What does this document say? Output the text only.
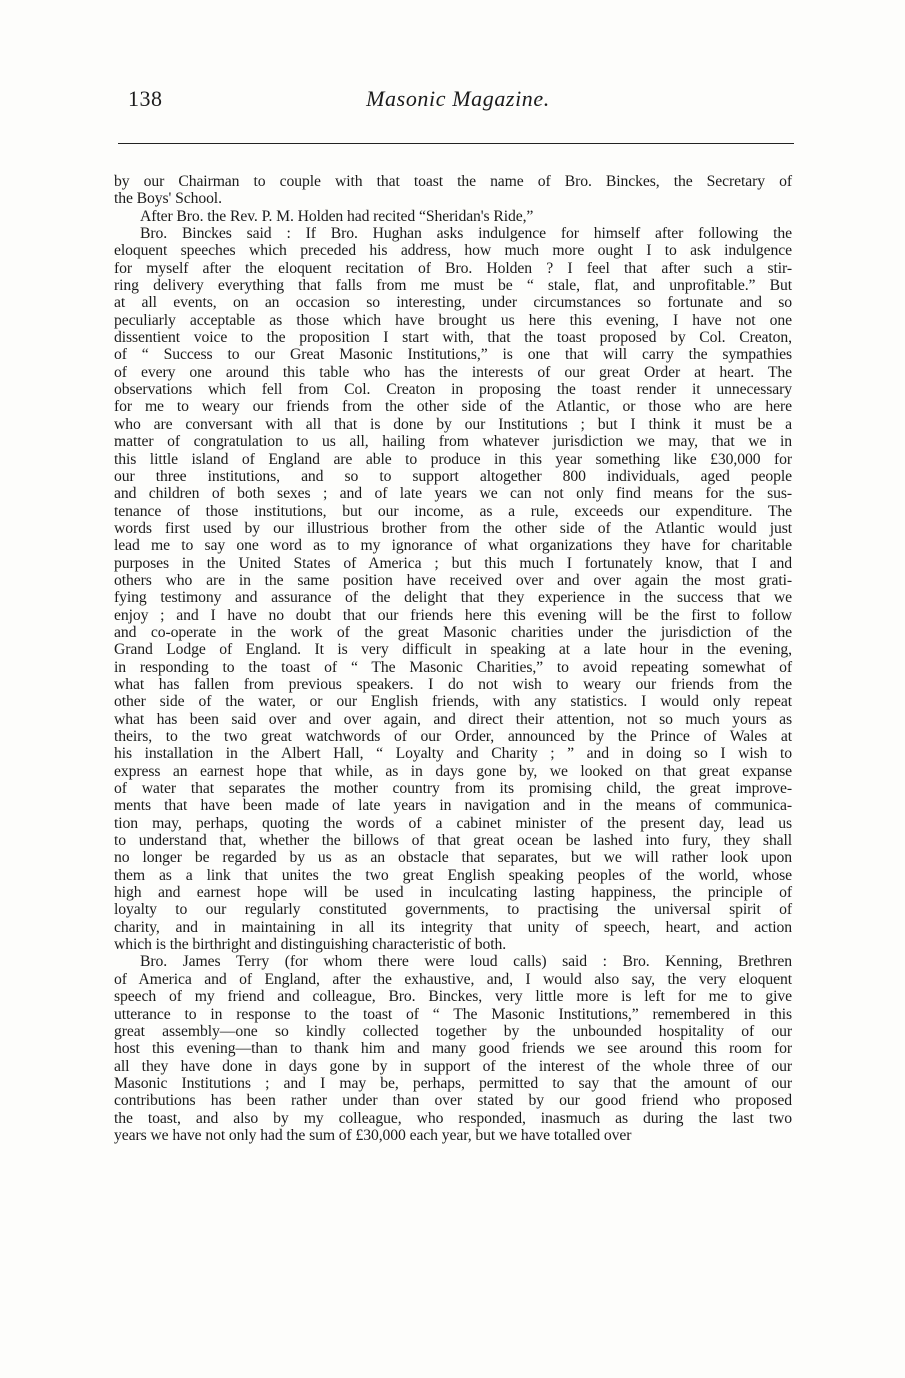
138	Masonic Magazine.
by our Chairman to couple with that toast the name of Bro. Binckes, the Secretary of
the Boys' School.
After Bro. the Rev. P. M. Holden had recited “Sheridan's Ride,”
Bro. Binckes said : If Bro. Hughan asks indulgence for himself after following the
eloquent speeches which preceded his address, how much more ought I to ask indulgence
for myself after the eloquent recitation of Bro. Holden ? I feel that after such a stir-
ring delivery everything that falls from me must be “ stale, flat, and unprofitable.” But
at all events, on an occasion so interesting, under circumstances so fortunate and so
peculiarly acceptable as those which have brought us here this evening, I have not one
dissentient voice to the proposition I start with, that the toast proposed by Col. Creaton,
of “ Success to our Great Masonic Institutions,” is one that will carry the sympathies
of every one around this table who has the interests of our great Order at heart. The
observations which fell from Col. Creaton in proposing the toast render it unnecessary
for me to weary our friends from the other side of the Atlantic, or those who are here
who are conversant with all that is done by our Institutions ; but I think it must be a
matter of congratulation to us all, hailing from whatever jurisdiction we may, that we in
this little island of England are able to produce in this year something like £30,000 for
our three institutions, and so to support altogether 800 individuals, aged people
and children of both sexes ; and of late years we can not only find means for the sus-
tenance of those institutions, but our income, as a rule, exceeds our expenditure. The
words first used by our illustrious brother from the other side of the Atlantic would just
lead me to say one word as to my ignorance of what organizations they have for charitable
purposes in the United States of America ; but this much I fortunately know, that I and
others who are in the same position have received over and over again the most grati-
fying testimony and assurance of the delight that they experience in the success that we
enjoy ; and I have no doubt that our friends here this evening will be the first to follow
and co-operate in the work of the great Masonic charities under the jurisdiction of the
Grand Lodge of England. It is very difficult in speaking at a late hour in the evening,
in responding to the toast of “ The Masonic Charities,” to avoid repeating somewhat of
what has fallen from previous speakers. I do not wish to weary our friends from the
other side of the water, or our English friends, with any statistics. I would only repeat
what has been said over and over again, and direct their attention, not so much yours as
theirs, to the two great watchwords of our Order, announced by the Prince of Wales at
his installation in the Albert Hall, “ Loyalty and Charity ; ” and in doing so I wish to
express an earnest hope that while, as in days gone by, we looked on that great expanse
of water that separates the mother country from its promising child, the great improve-
ments that have been made of late years in navigation and in the means of communica-
tion may, perhaps, quoting the words of a cabinet minister of the present day, lead us
to understand that, whether the billows of that great ocean be lashed into fury, they shall
no longer be regarded by us as an obstacle that separates, but we will rather look upon
them as a link that unites the two great English speaking peoples of the world, whose
high and earnest hope will be used in inculcating lasting happiness, the principle of
loyalty to our regularly constituted governments, to practising the universal spirit of
charity, and in maintaining in all its integrity that unity of speech, heart, and action
which is the birthright and distinguishing characteristic of both.
Bro. James Terry (for whom there were loud calls) said : Bro. Kenning, Brethren
of America and of England, after the exhaustive, and, I would also say, the very eloquent
speech of my friend and colleague, Bro. Binckes, very little more is left for me to give
utterance to in response to the toast of “ The Masonic Institutions,” remembered in this
great assembly—one so kindly collected together by the unbounded hospitality of our
host this evening—than to thank him and many good friends we see around this room for
all they have done in days gone by in support of the interest of the whole three of our
Masonic Institutions ; and I may be, perhaps, permitted to say that the amount of our
contributions has been rather under than over stated by our good friend who proposed
the toast, and also by my colleague, who responded, inasmuch as during the last two
years we have not only had the sum of £30,000 each year, but we have totalled over
